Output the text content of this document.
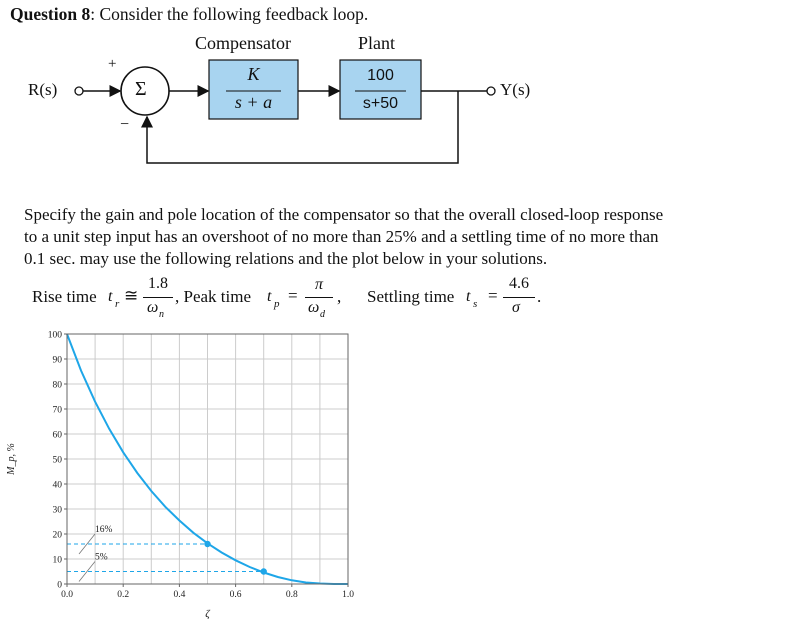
Question 8: Consider the following feedback loop.
Compensator	Plant
R(s)	Y(s)
+
−
Σ
K
s + a
100
s+50
Specify the gain and pole location of the compensator so that the overall closed-loop response
to a unit step input has an overshoot of no more than 25% and a settling time of no more than
0.1 sec. may use the following relations and the plot below in your solutions.
Rise time t r ≅
1.8
ω n
, Peak time t p =
π
ω d
, Settling time t s =
4.6
σ
.
0
10
20
30
40
50
60
70
80
90
100
0.0	0.2	0.4	0.6	0.8	1.0
ζ
M_p, %
16%
5%
